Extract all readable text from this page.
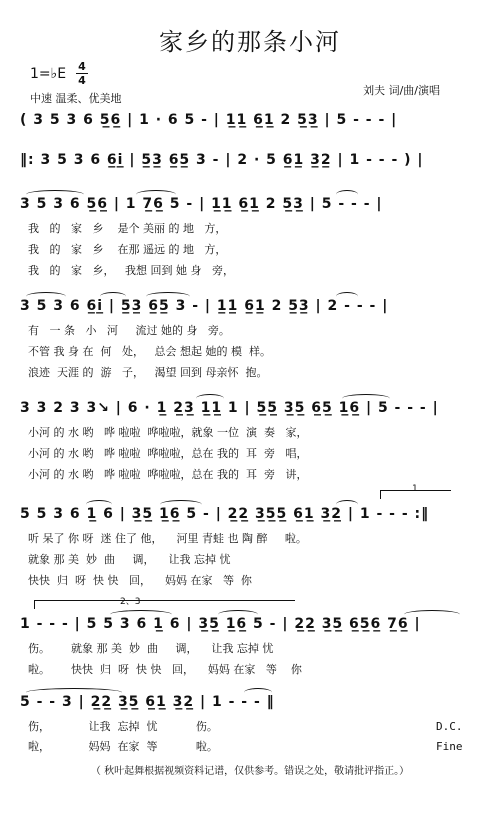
家乡的那条小河
1=♭E 4
4
中速 温柔、优美地
刘夫 词/曲/演唱
( 3 5 3 6 5̲6̲ | 1 · 6 5 - | 1̲1̲ 6̲1̲ 2 5̲3̲ | 5 - - - |
‖: 3 5 3 6 6̲i̲ | 5̲3̲ 6̲5̲ 3 - | 2 · 5 6̲1̲ 3̲2̲ | 1 - - - ) |
3 5 3 6 5̲6̲ | 1 7̲6̲ 5 - | 1̲1̲ 6̲1̲ 2 5̲3̲ | 5 - - - |
我   的   家   乡    是个 美丽 的 地   方，
我   的   家   乡    在那 遥远 的 地   方，
我   的   家   乡，   我想 回到 她 身   旁，
3 5 3 6 6̲i̲ | 5̲3̲ 6̲5̲ 3 - | 1̲1̲ 6̲1̲ 2 5̲3̲ | 2 - - - |
有   一 条   小   河     流过 她的 身   旁。
不管 我 身 在  何   处，   总会 想起 她的 模  样。
浪迹  天涯 的  游   子，   渴望 回到 母亲怀  抱。
3 3 2 3 3↘ | 6 · 1̲ 2̲3̲ 1̲1̲ 1 | 5̲5̲ 3̲5̲ 6̲5̲ 1̲6̲ | 5 - - - |
小河 的 水 哟   哗 啦啦  哗啦啦，就象 一位  演  奏   家，
小河 的 水 哟   哗 啦啦  哗啦啦，总在 我的  耳  旁   唱，
小河 的 水 哟   哗 啦啦  哗啦啦，总在 我的  耳  旁   讲，
1
5 5 3 6 1̲ 6 | 3̲5̲ 1̲6̲ 5 - | 2̲2̲ 3̲5̲5̲ 6̲1̲ 3̲2̲ | 1 - - - :‖
听 呆了 你 呀  迷 住了 他，    河里 青蛙 也 陶 醉     啦。
就象 那 美  妙  曲     调，    让我 忘掉 忧
快快  归  呀  快 快   回，    妈妈 在家   等  你
2、3
1 - - - | 5 5 3 6 1̲ 6 | 3̲5̲ 1̲6̲ 5 - | 2̲2̲ 3̲5̲ 6̲5̲6̲ 7̲6̲ |
伤。      就象 那 美  妙  曲     调，    让我 忘掉 忧
啦。      快快  归  呀  快 快   回，    妈妈 在家   等    你
5 - - 3 | 2̲2̲ 3̲5̲ 6̲1̲ 3̲2̲ | 1 - - - ‖
伤，           让我  忘掉  忧           伤。
啦，           妈妈  在家  等           啦。
D.C.
Fine
（ 秋叶起舞根据视频资料记谱，仅供参考。错误之处，敬请批评指正。）
